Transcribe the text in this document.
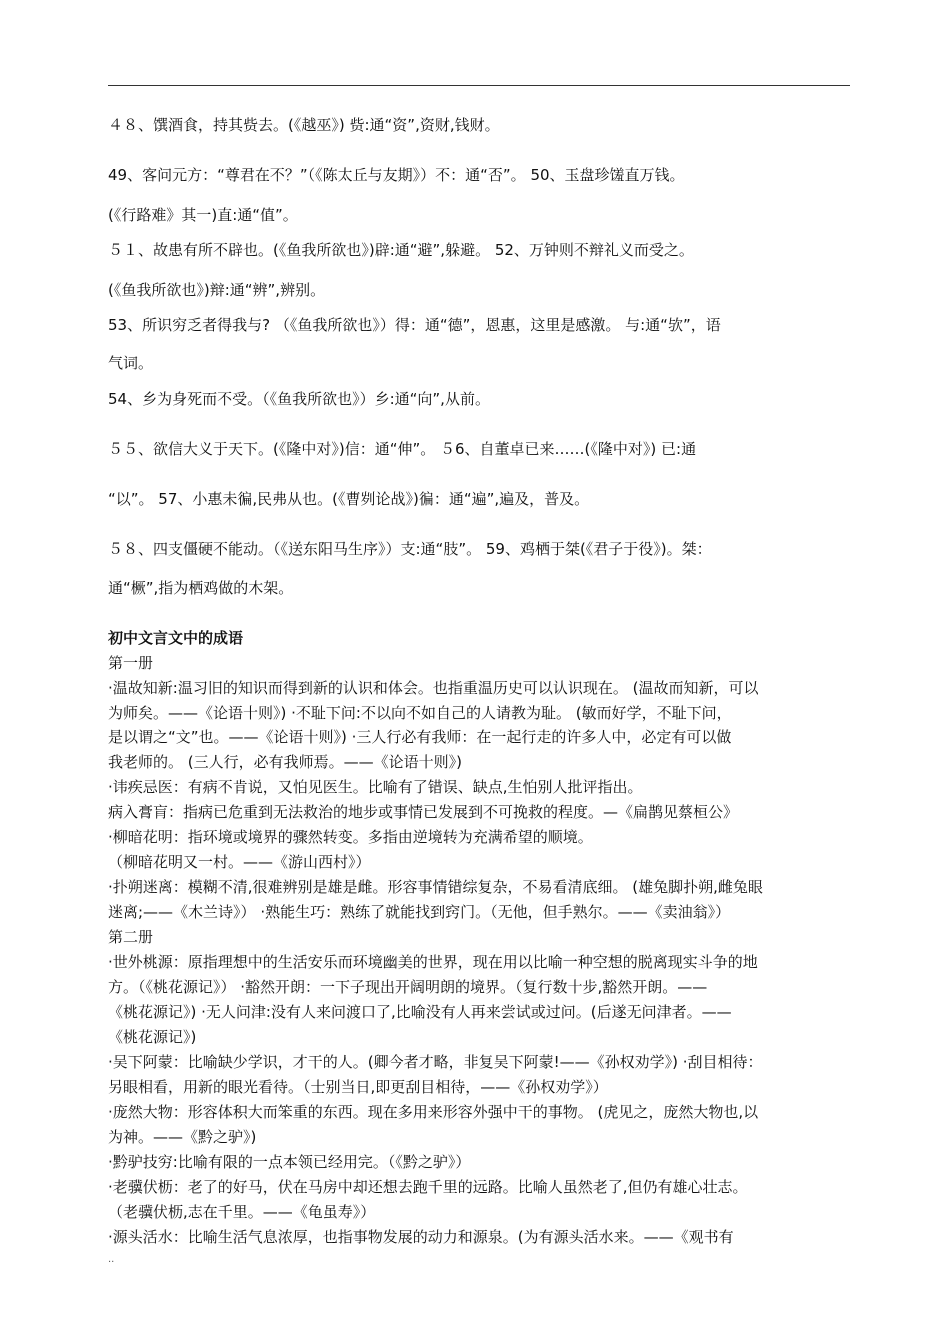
４８、馔酒食，持其赀去。(《越巫》) 赀:通“资”,资财,钱财。
49、客问元方：“尊君在不？”（《陈太丘与友期》）不：通“否”。 50、玉盘珍馐直万钱。
(《行路难》其一)直:通“值”。
５１、故患有所不辟也。(《鱼我所欲也》)辟:通“避”,躲避。 52、万钟则不辩礼义而受之。
(《鱼我所欲也》)辩:通“辨”,辨别。
53、所识穷乏者得我与? （《鱼我所欲也》）得：通“德”，恩惠，这里是感激。 与:通“欤”，语
气词。
54、乡为身死而不受。（《鱼我所欲也》）乡:通“向”,从前。
５５、欲信大义于天下。(《隆中对》)信：通“伸”。 ５6、自董卓已来……(《隆中对》) 已:通
“以”。 57、小惠未徧,民弗从也。(《曹刿论战》)徧：通“遍”,遍及，普及。
５８、四支僵硬不能动。（《送东阳马生序》）支:通“肢”。 59、鸡栖于桀(《君子于役》)。桀：
通“橛”,指为栖鸡做的木架。
初中文言文中的成语
第一册
·温故知新:温习旧的知识而得到新的认识和体会。也指重温历史可以认识现在。 (温故而知新，可以
为师矣。——《论语十则》) ·不耻下问:不以向不如自己的人请教为耻。 (敏而好学，不耻下问，
是以谓之“文”也。——《论语十则》) ·三人行必有我师：在一起行走的许多人中，必定有可以做
我老师的。 (三人行，必有我师焉。——《论语十则》)
·讳疾忌医：有病不肯说，又怕见医生。比喻有了错误、缺点,生怕别人批评指出。
病入膏肓：指病已危重到无法救治的地步或事情已发展到不可挽救的程度。—《扁鹊见蔡桓公》
·柳暗花明：指环境或境界的骤然转变。多指由逆境转为充满希望的顺境。
（柳暗花明又一村。——《游山西村》）
·扑朔迷离：模糊不清,很难辨别是雄是雌。形容事情错综复杂，不易看清底细。 (雄兔脚扑朔,雌兔眼
迷离;——《木兰诗》） ·熟能生巧：熟练了就能找到窍门。（无他，但手熟尔。——《卖油翁》）
第二册
·世外桃源：原指理想中的生活安乐而环境幽美的世界，现在用以比喻一种空想的脱离现实斗争的地
方。（《桃花源记》） ·豁然开朗：一下子现出开阔明朗的境界。（复行数十步,豁然开朗。——
《桃花源记》) ·无人问津:没有人来问渡口了,比喻没有人再来尝试或过问。(后遂无问津者。——
《桃花源记》)
·吴下阿蒙：比喻缺少学识，才干的人。(卿今者才略，非复吴下阿蒙!——《孙权劝学》) ·刮目相待：
另眼相看，用新的眼光看待。（士别当日,即更刮目相待，——《孙权劝学》）
·庞然大物：形容体积大而笨重的东西。现在多用来形容外强中干的事物。 (虎见之，庞然大物也,以
为神。——《黔之驴》)
·黔驴技穷:比喻有限的一点本领已经用完。（《黔之驴》）
·老骥伏枥：老了的好马，伏在马房中却还想去跑千里的远路。比喻人虽然老了,但仍有雄心壮志。
（老骥伏枥,志在千里。——《龟虽寿》）
·源头活水：比喻生活气息浓厚，也指事物发展的动力和源泉。(为有源头活水来。——《观书有
..
